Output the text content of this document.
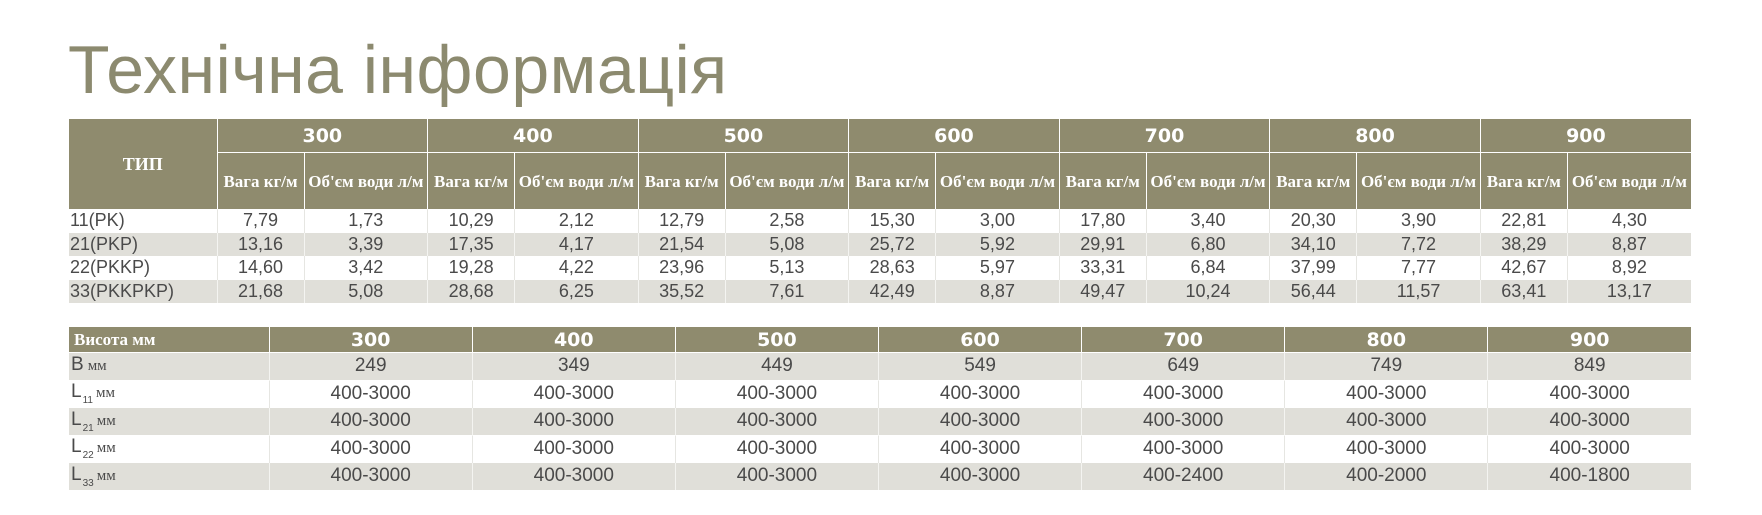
Технічна інформація
ТИП	300		400		500		600		700		800		900	
	Вага кг/м	Об'єм води л/м	Вага кг/м	Об'єм води л/м	Вага кг/м	Об'єм води л/м	Вага кг/м	Об'єм води л/м	Вага кг/м	Об'єм води л/м	Вага кг/м	Об'єм води л/м	Вага кг/м	Об'єм води л/м
11(PK)	7,79	1,73	10,29	2,12	12,79	2,58	15,30	3,00	17,80	3,40	20,30	3,90	22,81	4,30
21(PKP)	13,16	3,39	17,35	4,17	21,54	5,08	25,72	5,92	29,91	6,80	34,10	7,72	38,29	8,87
22(PKKP)	14,60	3,42	19,28	4,22	23,96	5,13	28,63	5,97	33,31	6,84	37,99	7,77	42,67	8,92
33(PKKPKP)	21,68	5,08	28,68	6,25	35,52	7,61	42,49	8,87	49,47	10,24	56,44	11,57	63,41	13,17
Висота мм	300	400	500	600	700	800	900
B мм	249	349	449	549	649	749	849
$L_{11}$ мм	400-3000	400-3000	400-3000	400-3000	400-3000	400-3000	400-3000
$L_{21}$ мм	400-3000	400-3000	400-3000	400-3000	400-3000	400-3000	400-3000
$L_{22}$ мм	400-3000	400-3000	400-3000	400-3000	400-3000	400-3000	400-3000
$L_{33}$ мм	400-3000	400-3000	400-3000	400-3000	400-2400	400-2000	400-1800
